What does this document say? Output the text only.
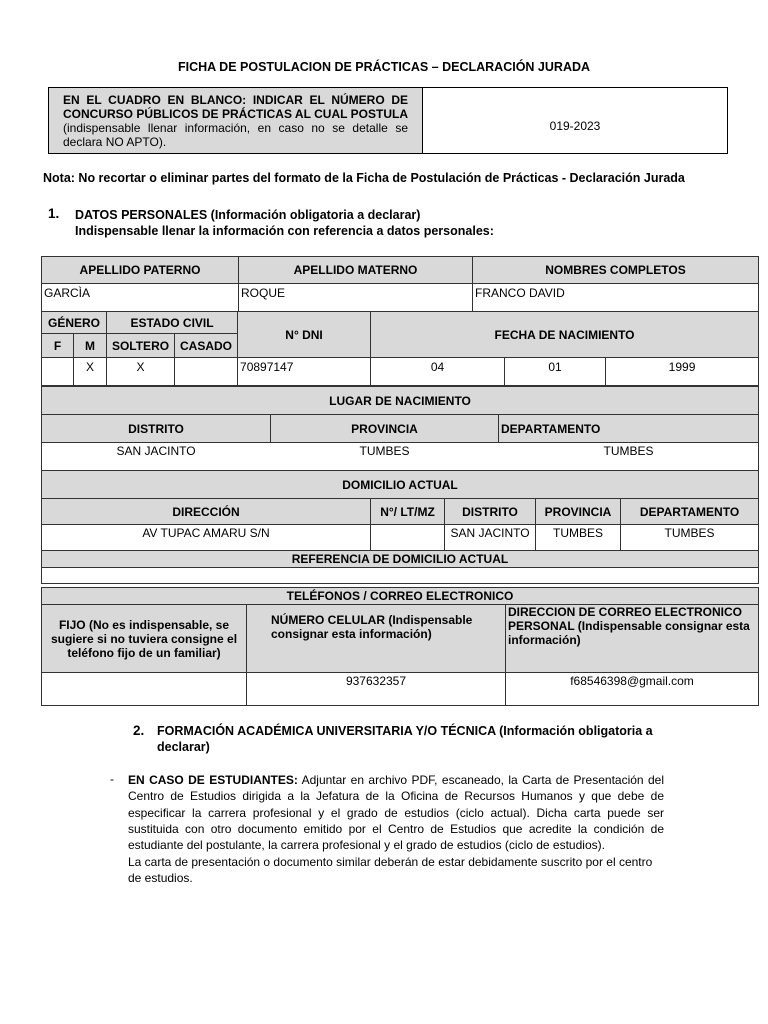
FICHA DE POSTULACION DE PRÁCTICAS – DECLARACIÓN JURADA
EN EL CUADRO EN BLANCO: INDICAR EL NÚMERO DE CONCURSO PÚBLICOS DE PRÁCTICAS AL CUAL POSTULA (indispensable llenar información, en caso no se detalle se declara NO APTO).	019-2023
Nota: No recortar o eliminar partes del formato de la Ficha de Postulación de Prácticas - Declaración Jurada
1. DATOS PERSONALES (Información obligatoria a declarar)
Indispensable llenar la información con referencia a datos personales:
APELLIDO PATERNO	APELLIDO MATERNO	NOMBRES COMPLETOS
GARCÌA	ROQUE	FRANCO DAVID
GÉNERO		ESTADO CIVIL		N° DNI	FECHA DE NACIMIENTO		
F	M	SOLTERO	CASADO				
	X	X		70897147	04	01	1999
LUGAR DE NACIMIENTO		
DISTRITO	PROVINCIA	DEPARTAMENTO
SAN JACINTO	TUMBES	TUMBES
DOMICILIO ACTUAL				
DIRECCIÓN	N°/ LT/MZ	DISTRITO	PROVINCIA	DEPARTAMENTO
AV TUPAC AMARU S/N		SAN JACINTO	TUMBES	TUMBES
REFERENCIA DE DOMICILIO ACTUAL				

TELÉFONOS / CORREO ELECTRONICO		
FIJO (No es indispensable, se sugiere si no tuviera consigne el teléfono fijo de un familiar)	NÚMERO CELULAR (Indispensable consignar esta información)	DIRECCION DE CORREO ELECTRONICO PERSONAL (Indispensable consignar esta información)
	937632357	f68546398@gmail.com
2. FORMACIÓN ACADÉMICA UNIVERSITARIA Y/O TÉCNICA (Información obligatoria a declarar)
- EN CASO DE ESTUDIANTES: Adjuntar en archivo PDF, escaneado, la Carta de Presentación del Centro de Estudios dirigida a la Jefatura de la Oficina de Recursos Humanos y que debe de especificar la carrera profesional y el grado de estudios (ciclo actual). Dicha carta puede ser sustituida con otro documento emitido por el Centro de Estudios que acredite la condición de estudiante del postulante, la carrera profesional y el grado de estudios (ciclo de estudios).
La carta de presentación o documento similar deberán de estar debidamente suscrito por el centro de estudios.
